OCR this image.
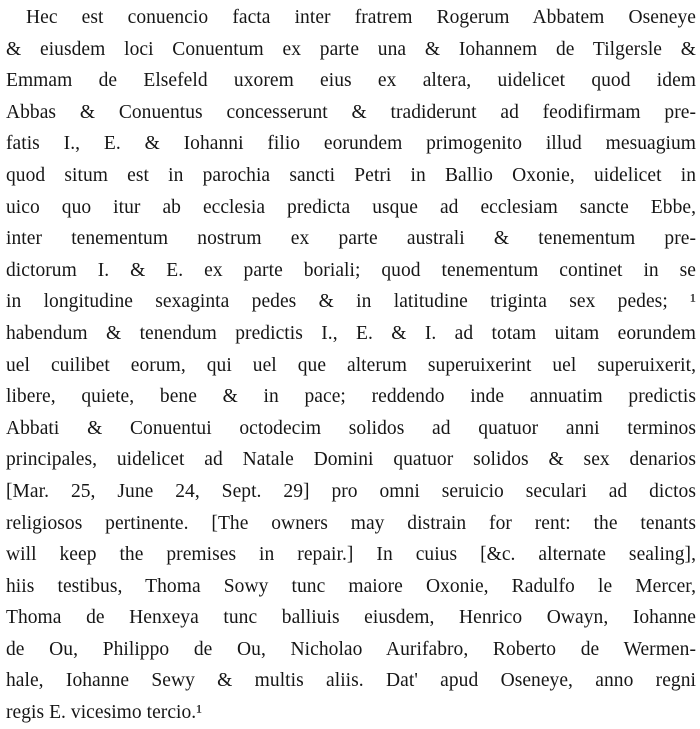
Hec est conuencio facta inter fratrem Rogerum Abbatem Oseneye
& eiusdem loci Conuentum ex parte una & Iohannem de Tilgersle &
Emmam de Elsefeld uxorem eius ex altera, uidelicet quod idem
Abbas & Conuentus concesserunt & tradiderunt ad feodifirmam pre-
fatis I., E. & Iohanni filio eorundem primogenito illud mesuagium
quod situm est in parochia sancti Petri in Ballio Oxonie, uidelicet in
uico quo itur ab ecclesia predicta usque ad ecclesiam sancte Ebbe,
inter tenementum nostrum ex parte australi & tenementum pre-
dictorum I. & E. ex parte boriali; quod tenementum continet in se
in longitudine sexaginta pedes & in latitudine triginta sex pedes; ¹
habendum & tenendum predictis I., E. & I. ad totam uitam eorundem
uel cuilibet eorum, qui uel que alterum superuixerint uel superuixerit,
libere, quiete, bene & in pace; reddendo inde annuatim predictis
Abbati & Conuentui octodecim solidos ad quatuor anni terminos
principales, uidelicet ad Natale Domini quatuor solidos & sex denarios
[Mar. 25, June 24, Sept. 29] pro omni seruicio seculari ad dictos
religiosos pertinente. [The owners may distrain for rent: the tenants
will keep the premises in repair.] In cuius [&c. alternate sealing],
hiis testibus, Thoma Sowy tunc maiore Oxonie, Radulfo le Mercer,
Thoma de Henxeya tunc balliuis eiusdem, Henrico Owayn, Iohanne
de Ou, Philippo de Ou, Nicholao Aurifabro, Roberto de Wermen-
hale, Iohanne Sewy & multis aliis. Dat' apud Oseneye, anno regni
regis E. vicesimo tercio.¹
